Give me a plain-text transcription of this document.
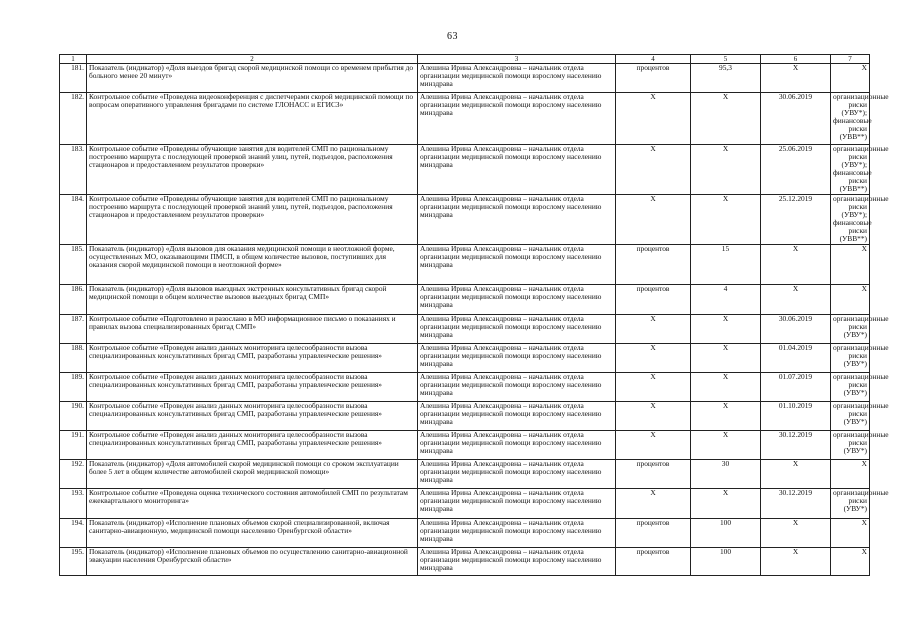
63
1	2	3	4	5	6	7
181.	Показатель (индикатор) «Доля выездов бригад скорой медицинской помощи со временем прибытия до больного менее 20 минут»	Алешина Ирина Александровна – начальник отдела организации медицинской помощи взрослому населению минздрава	процентов	95,3	X	X
182.	Контрольное событие «Проведена видеоконференция с диспетчерами скорой медицинской помощи по вопросам оперативного управления бригадами по системе ГЛОНАСС и ЕГИСЗ»	Алешина Ирина Александровна – начальник отдела организации медицинской помощи взрослому населению минздрава	X	X	30.06.2019	организационные риски (УВУ*); финансовые риски (УВВ**)
183.	Контрольное событие «Проведены обучающие занятия для водителей СМП по рациональному построению маршрута с последующей проверкой знаний улиц, путей, подъездов, расположения стационаров и предоставлением результатов проверки»	Алешина Ирина Александровна – начальник отдела организации медицинской помощи взрослому населению минздрава	X	X	25.06.2019	организационные риски (УВУ*); финансовые риски (УВВ**)
184.	Контрольное событие «Проведены обучающие занятия для водителей СМП по рациональному построению маршрута с последующей проверкой знаний улиц, путей, подъездов, расположения стационаров и предоставлением результатов проверки»	Алешина Ирина Александровна – начальник отдела организации медицинской помощи взрослому населению минздрава	X	X	25.12.2019	организационные риски (УВУ*); финансовые риски (УВВ**)
185.	Показатель (индикатор) «Доля вызовов для оказания медицинской помощи в неотложной форме, осуществленных МО, оказывающими ПМСП, в общем количестве вызовов, поступивших для оказания скорой медицинской помощи в неотложной форме»	Алешина Ирина Александровна – начальник отдела организации медицинской помощи взрослому населению минздрава	процентов	15	X	X
186.	Показатель (индикатор) «Доля вызовов выездных экстренных консультативных бригад скорой медицинской помощи в общем количестве вызовов выездных бригад СМП»	Алешина Ирина Александровна – начальник отдела организации медицинской помощи взрослому населению минздрава	процентов	4	X	X
187.	Контрольное событие «Подготовлено и разослано в МО информационное письмо о показаниях и правилах вызова специализированных бригад СМП»	Алешина Ирина Александровна – начальник отдела организации медицинской помощи взрослому населению минздрава	X	X	30.06.2019	организационные риски (УВУ*)
188.	Контрольное событие «Проведен анализ данных мониторинга целесообразности вызова специализированных консультативных бригад СМП, разработаны управленческие решения»	Алешина Ирина Александровна – начальник отдела организации медицинской помощи взрослому населению минздрава	X	X	01.04.2019	организационные риски (УВУ*)
189.	Контрольное событие «Проведен анализ данных мониторинга целесообразности вызова специализированных консультативных бригад СМП, разработаны управленческие решения»	Алешина Ирина Александровна – начальник отдела организации медицинской помощи взрослому населению минздрава	X	X	01.07.2019	организационные риски (УВУ*)
190.	Контрольное событие «Проведен анализ данных мониторинга целесообразности вызова специализированных консультативных бригад СМП, разработаны управленческие решения»	Алешина Ирина Александровна – начальник отдела организации медицинской помощи взрослому населению минздрава	X	X	01.10.2019	организационные риски (УВУ*)
191.	Контрольное событие «Проведен анализ данных мониторинга целесообразности вызова специализированных консультативных бригад СМП, разработаны управленческие решения»	Алешина Ирина Александровна – начальник отдела организации медицинской помощи взрослому населению минздрава	X	X	30.12.2019	организационные риски (УВУ*)
192.	Показатель (индикатор) «Доля автомобилей скорой медицинской помощи со сроком эксплуатации более 5 лет в общем количестве автомобилей скорой медицинской помощи»	Алешина Ирина Александровна – начальник отдела организации медицинской помощи взрослому населению минздрава	процентов	30	X	X
193.	Контрольное событие «Проведена оценка технического состояния автомобилей СМП по результатам ежеквартального мониторинга»	Алешина Ирина Александровна – начальник отдела организации медицинской помощи взрослому населению минздрава	X	X	30.12.2019	организационные риски (УВУ*)
194.	Показатель (индикатор) «Исполнение плановых объемов скорой специализированной, включая санитарно-авиационную, медицинской помощи населению Оренбургской области»	Алешина Ирина Александровна – начальник отдела организации медицинской помощи взрослому населению минздрава	процентов	100	X	X
195.	Показатель (индикатор) «Исполнение плановых объемов по осуществлению санитарно-авиационной эвакуации населения Оренбургской области»	Алешина Ирина Александровна – начальник отдела организации медицинской помощи взрослому населению минздрава	процентов	100	X	X
